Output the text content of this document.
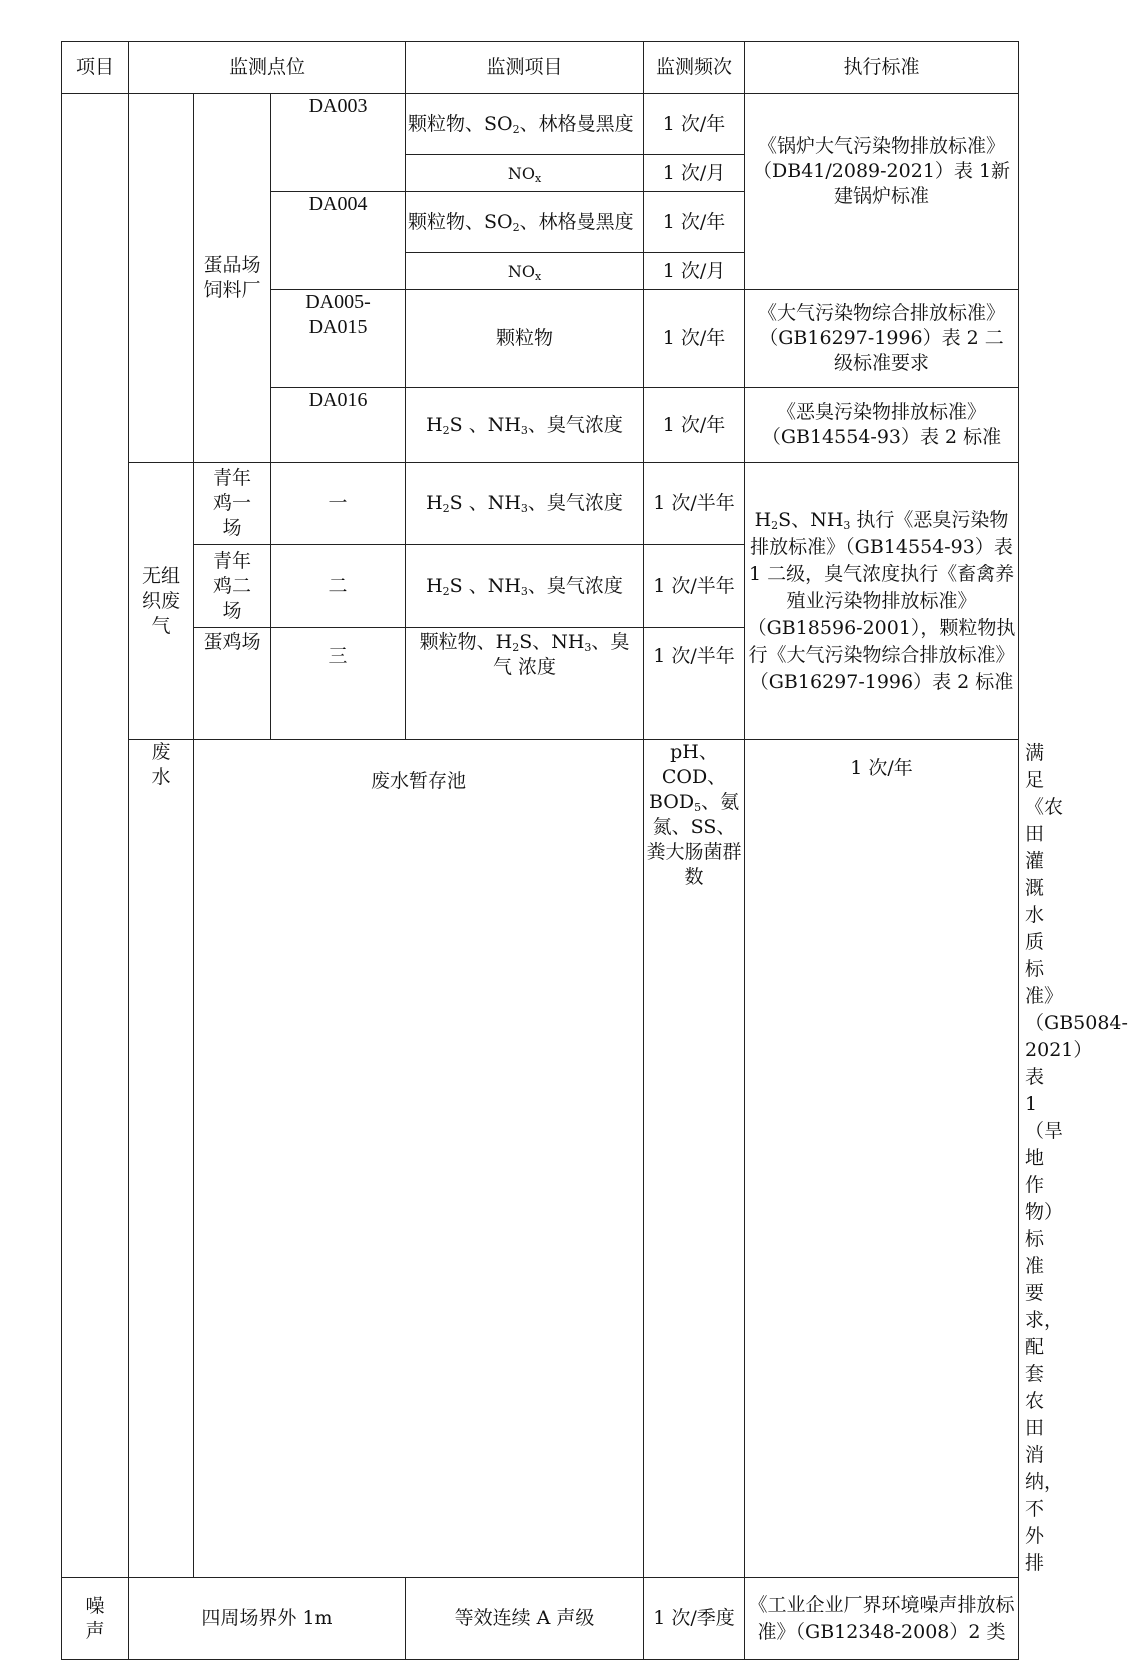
项目	监测点位			监测项目	监测频次	执行标准	
		蛋品场饲料厂	DA003	颗粒物、$SO_2$、林格曼黑度	1 次/年	《锅炉大气污染物排放标准》（DB41/2089-2021）表 1新建锅炉标准	
				$NO_x$	1 次/月		
			DA004	颗粒物、$SO_2$、林格曼黑度	1 次/年		
				$NO_x$	1 次/月		
			DA005-DA015	颗粒物	1 次/年	《大气污染物综合排放标准》（GB16297-1996）表 2 二级标准要求	
			DA016	$H_2S$ 、$NH_3$、臭气浓度	1 次/年	《恶臭污染物排放标准》（GB14554-93）表 2 标准	
	无组织废气	青年鸡一场	一	$H_2S$ 、$NH_3$、臭气浓度	1 次/半年	$H_2S$、$NH_3$ 执行《恶臭污染物排放标准》（GB14554-93）表 1 二级，臭气浓度执行《畜禽养殖业污染物排放标准》（GB18596-2001），颗粒物执行《大气污染物综合排放标准》（GB16297-1996）表 2 标准	
		青年鸡二场	二	$H_2S$ 、$NH_3$、臭气浓度	1 次/半年		
		蛋鸡场	三	颗粒物、$H_2S$、$NH_3$、臭气 浓度	1 次/半年		
	废水	废水暂存池			pH、COD、$BOD_5$、氨氮、SS、粪大肠菌群数	1 次/年	满足《农田灌溉水质标准》（GB5084-2021）表 1（旱地作物）标准要求，配套农田消纳，不外排
噪声	四周场界外 1m			等效连续 A 声级	1 次/季度	《工业企业厂界环境噪声排放标准》（GB12348-2008）2 类	
